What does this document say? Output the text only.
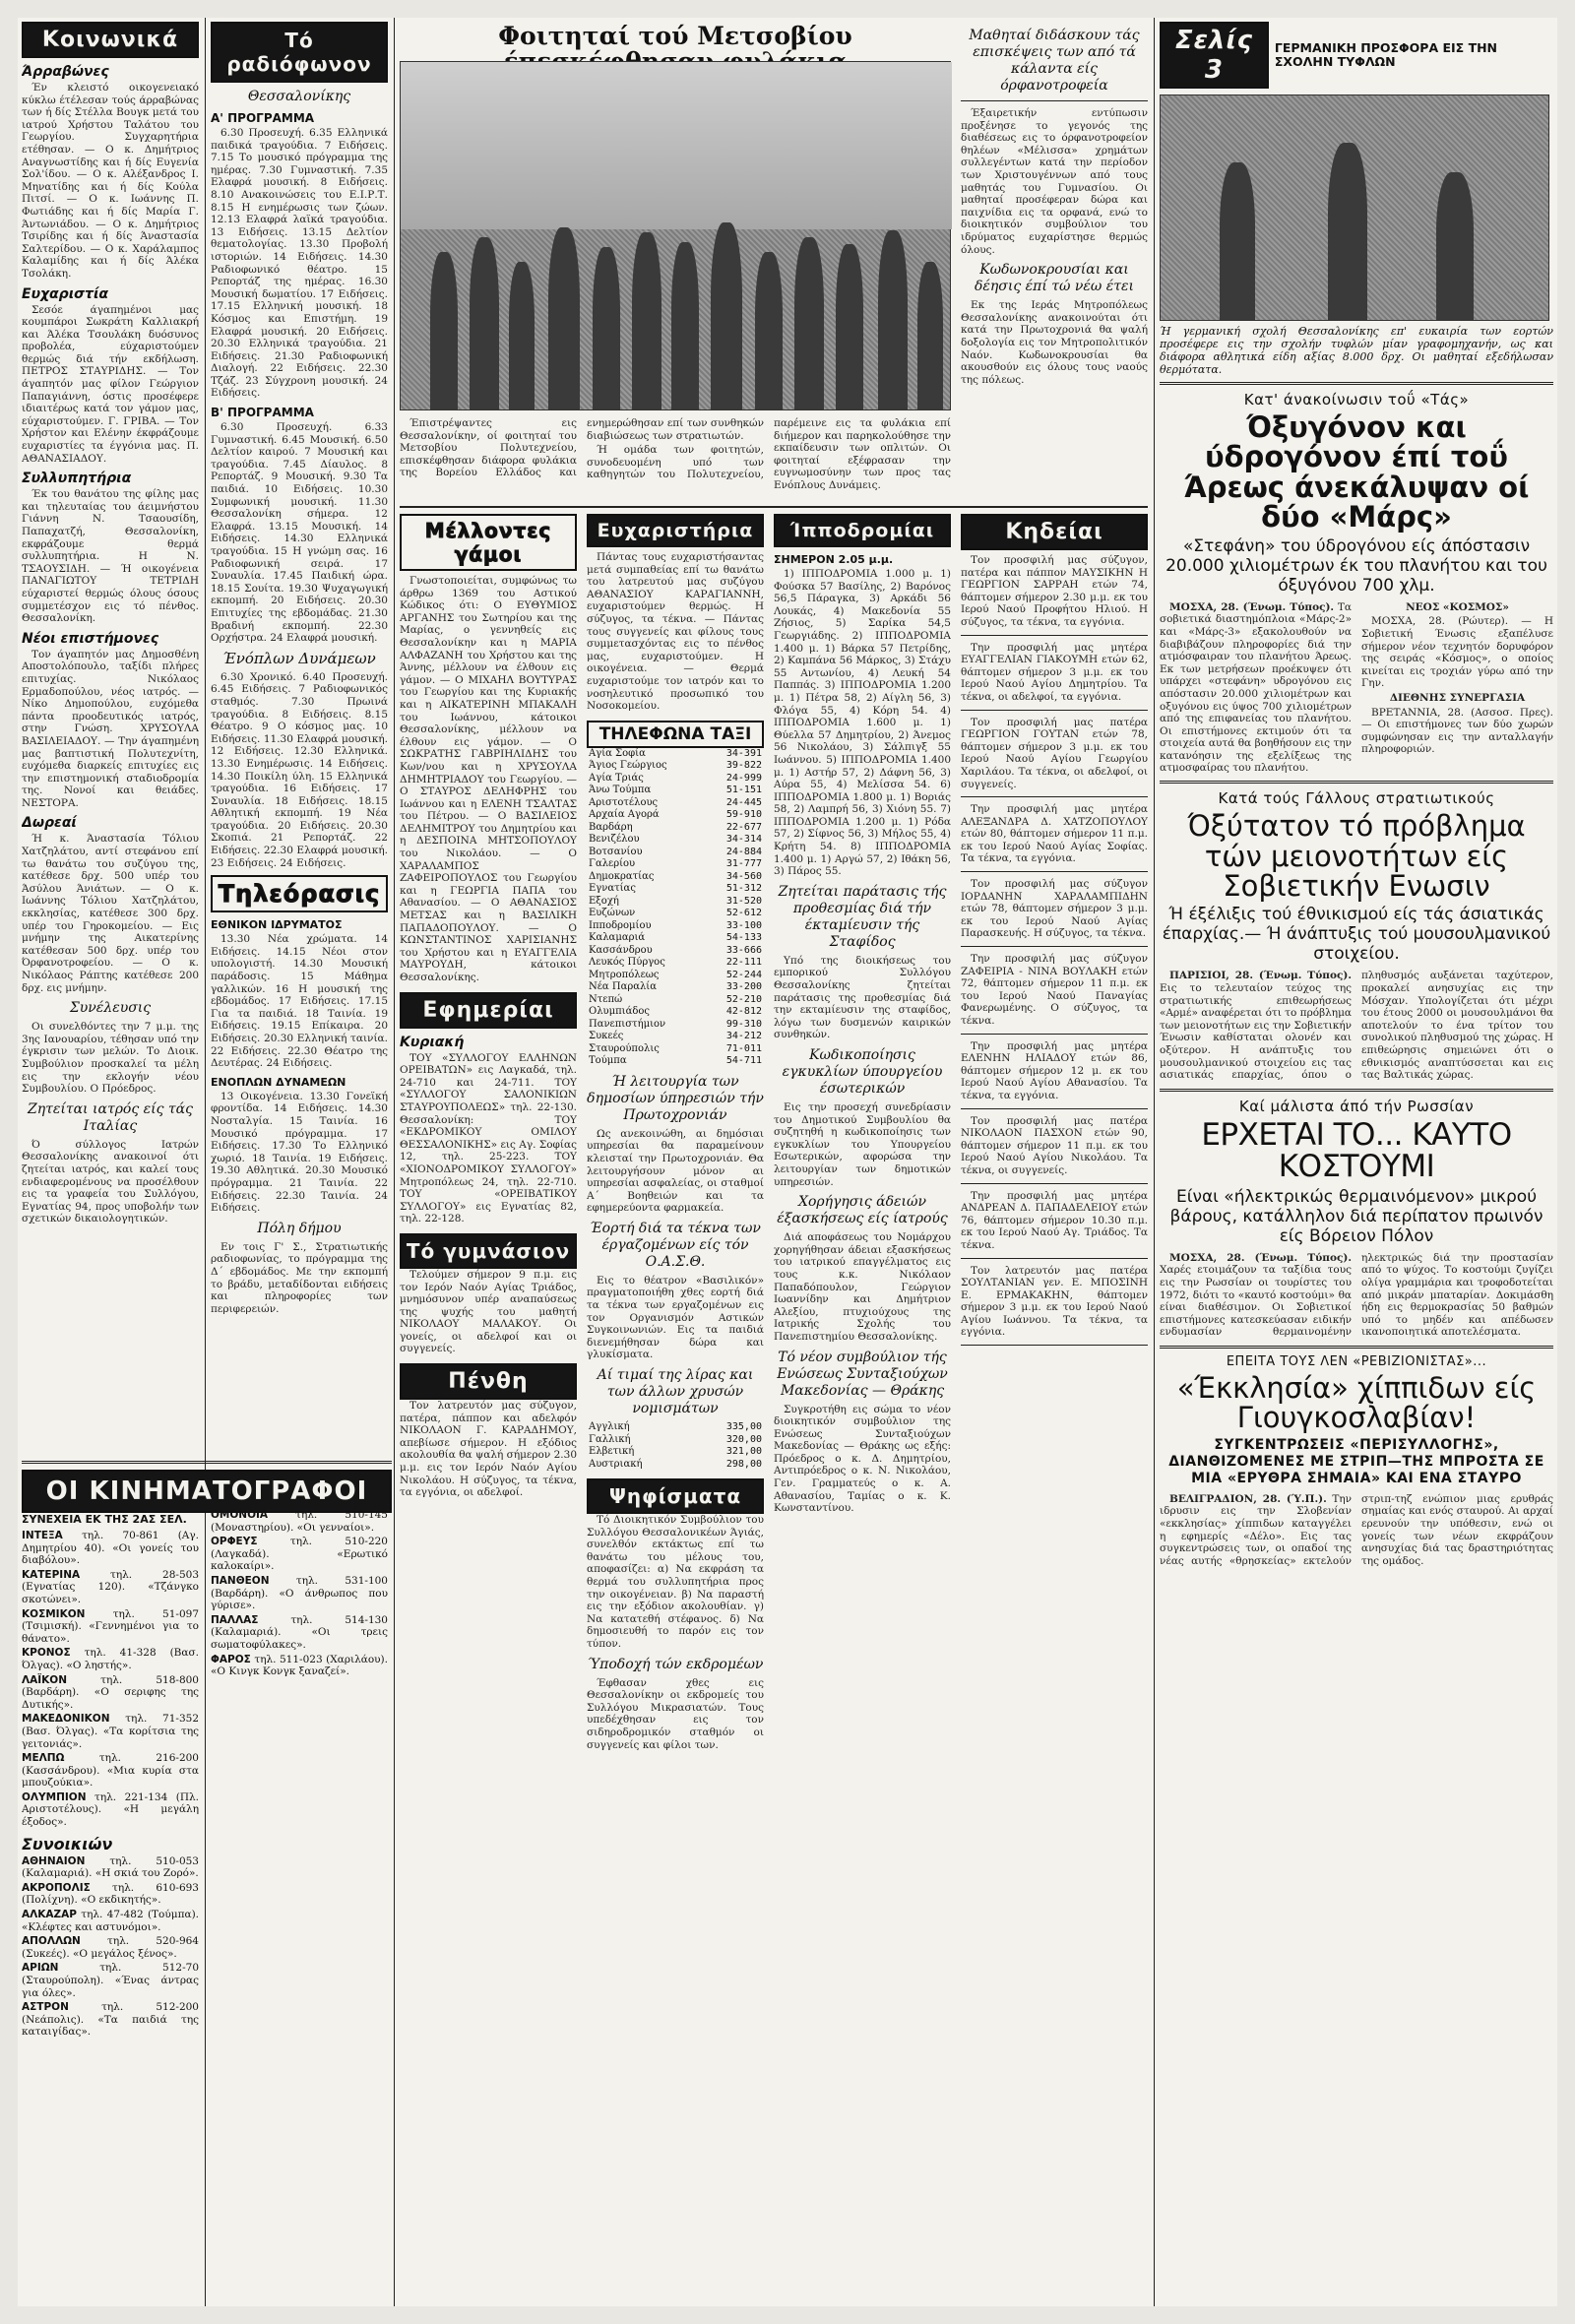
Κοινωνικά
Άρραβώνες

Έν κλειστό οικογενειακό κύκλω έτέλεσαν τούς άρραβώνας των ή δίς Στέλλα Βουγκ μετά του ιατρού Χρήστου Ταλάτου του Γεωργίου. Συγχαρητήρια ετέθησαν. — Ο κ. Δημήτριος Αναγνωστίδης και ή δίς Ευγενία Σολ'ίδου. — Ο κ. Αλέξανδρος Ι. Μηνατίδης και ή δίς Κούλα Πιτσί. — Ο κ. Ιωάννης Π. Φωτιάδης και ή δίς Μαρία Γ. Άντωνιάδου. — Ο κ. Δημήτριος Τσιρίδης και ή δίς Άναστασία Σαλτερίδου. — Ο κ. Χαράλαμπος Καλαμίδης και ή δίς Άλέκα Τσολάκη.

Ευχαριστία

Σεσόε άγαπημένοι μας κουμπάροι Σωκράτη Καλλιακρή και Άλέκα Τσουλάκη δυόσυνος προβολέα, εύχαριστούμεν θερμώς διά τήν εκδήλωση. ΠΕΤΡΟΣ ΣΤΑΥΡΙΔΗΣ. — Τον άγαπητόν μας φίλον Γεώργιον Παπαγιάννη, όστις προσέφερε ιδιαιτέρως κατά τον γάμον μας, εύχαριστούμεν. Γ. ΓΡΙΒΑ. — Τον Χρήστον και Ελένην έκφράζουμε ευχαριστίες τα έγγόνια μας. Π. ΑΘΑΝΑΣΙΑΔΟΥ.

Συλλυπητήρια

Έκ του θανάτου της φίλης μας και τηλευταίας του άειμνήστου Γιάννη Ν. Τσαουσίδη, Παπαχατζή, Θεσσαλονίκη, εκφράζουμε θερμά συλλυπητήρια. Η Ν. ΤΣΑΟΥΣΙΔΗ. — Ή οικογένεια ΠΑΝΑΓΙΩΤΟΥ ΤΕΤΡΙΔΗ εύχαριστεί θερμώς όλους όσους συμμετέσχον εις τό πένθος. Θεσσαλονίκη.

Νέοι επιστήμονες

Τον άγαπητόν μας Δημοσθένη Αποστολόπουλο, ταξίδι πλήρες επιτυχίας. Νικόλαος Ερμαδοπούλου, νέος ιατρός. — Νίκο Δημοπούλου, ευχόμεθα πάντα προοδευτικός ιατρός, στην Γνώση. ΧΡΥΣΟΥΛΑ ΒΑΣΙΛΕΙΑΔΟΥ. — Την άγαπημένη μας βαπτιστική Πολυτεχνίτη, ευχόμεθα διαρκείς επιτυχίες εις την επιστημονική σταδιοδρομία της. Νονοί και θειάδες. ΝΕΣΤΟΡΑ.

Δωρεαί

Ή κ. Άναστασία Τόλιου Χατζηλάτου, αντί στεφάνου επί τω θανάτω του συζύγου της, κατέθεσε δρχ. 500 υπέρ του Άσύλου Άνιάτων. — Ο κ. Ιωάννης Τόλιου Χατζηλάτου, εκκλησίας, κατέθεσε 300 δρχ. υπέρ του Γηροκομείου. — Εις μνήμην της Αικατερίνης κατέθεσαν 500 δρχ. υπέρ του Όρφανοτροφείου. — Ο κ. Νικόλαος Ράπτης κατέθεσε 200 δρχ. εις μνήμην.

Συνέλευσις

Οι συνελθόντες την 7 μ.μ. της 3ης Ιανουαρίου, τέθησαν υπό την έγκρισιν των μελών. Το Διοικ. Συμβούλιον προσκαλεί τα μέλη εις την εκλογήν νέου Συμβουλίου. Ο Πρόεδρος.

Ζητείται ιατρός είς τάς Ιταλίας

Ό σύλλογος Ιατρών Θεσσαλονίκης ανακοινοί ότι ζητείται ιατρός, και καλεί τους ενδιαφερομένους να προσέλθουν εις τα γραφεία του Συλλόγου, Εγνατίας 94, προς υποβολήν των σχετικών δικαιολογητικών.

ΟΙ ΚΙΝΗΜΑΤΟΓΡΑΦΟΙ
ΣΥΝΕΧΕΙΑ ΕΚ ΤΗΣ 2ΑΣ ΣΕΛ.

ΙΝΤΕΞΑ τηλ. 70-861 (Αγ. Δημητρίου 40). «Οι γονείς του διαβόλου».

ΚΑΤΕΡΙΝΑ τηλ. 28-503 (Εγνατίας 120). «Τζάνγκο σκοτώνει».

ΚΟΣΜΙΚΟΝ τηλ. 51-097 (Τσιμισκή). «Γεννημένοι για το θάνατο».

ΚΡΟΝΟΣ τηλ. 41-328 (Βασ. Όλγας). «Ο ληστής».

ΛΑΪΚΟΝ τηλ. 518-800 (Βαρδάρη). «Ο σεριφης της Δυτικής».

ΜΑΚΕΔΟΝΙΚΟΝ τηλ. 71-352 (Βασ. Όλγας). «Τα κορίτσια της γειτονιάς».

ΜΕΛΠΩ τηλ. 216-200 (Κασσάνδρου). «Μια κυρία στα μπουζούκια».

ΟΛΥΜΠΙΟΝ τηλ. 221-134 (Πλ. Αριστοτέλους). «Η μεγάλη έξοδος».

Συνοικιών

ΑΘΗΝΑΙΟΝ τηλ. 510-053 (Καλαμαριά). «Η σκιά του Ζορό».

ΑΚΡΟΠΟΛΙΣ τηλ. 610-693 (Πολίχνη). «Ο εκδικητής».

ΑΛΚΑΖΑΡ τηλ. 47-482 (Τούμπα). «Κλέφτες και αστυνόμοι».

ΑΠΟΛΛΩΝ τηλ. 520-964 (Συκεές). «Ο μεγάλος ξένος».

ΑΡΙΩΝ τηλ. 512-70 (Σταυρούπολη). «Ένας άντρας για όλες».

ΑΣΤΡΟΝ τηλ. 512-200 (Νεάπολις). «Τα παιδιά της καταιγίδας».

Τό ραδιόφωνον
Θεσσαλονίκης
Α' ΠΡΟΓΡΑΜΜΑ

6.30 Προσευχή. 6.35 Ελληνικά παιδικά τραγούδια. 7 Ειδήσεις. 7.15 Το μουσικό πρόγραμμα της ημέρας. 7.30 Γυμναστική. 7.35 Ελαφρά μουσική. 8 Ειδήσεις. 8.10 Ανακοινώσεις του Ε.Ι.Ρ.Τ. 8.15 Η ενημέρωσις των ζώων. 12.13 Ελαφρά λαϊκά τραγούδια. 13 Ειδήσεις. 13.15 Δελτίον θεματολογίας. 13.30 Προβολή ιστοριών. 14 Ειδήσεις. 14.30 Ραδιοφωνικό θέατρο. 15 Ρεπορτάζ της ημέρας. 16.30 Μουσική δωματίου. 17 Ειδήσεις. 17.15 Ελληνική μουσική. 18 Κόσμος και Επιστήμη. 19 Ελαφρά μουσική. 20 Ειδήσεις. 20.30 Ελληνικά τραγούδια. 21 Ειδήσεις. 21.30 Ραδιοφωνική Διαλογή. 22 Ειδήσεις. 22.30 Τζάζ. 23 Σύγχρονη μουσική. 24 Ειδήσεις.

Β' ΠΡΟΓΡΑΜΜΑ

6.30 Προσευχή. 6.33 Γυμναστική. 6.45 Μουσική. 6.50 Δελτίον καιρού. 7 Μουσική και τραγούδια. 7.45 Δίαυλος. 8 Ρεπορτάζ. 9 Μουσική. 9.30 Τα παιδιά. 10 Ειδήσεις. 10.30 Συμφωνική μουσική. 11.30 Θεσσαλονίκη σήμερα. 12 Ελαφρά. 13.15 Μουσική. 14 Ειδήσεις. 14.30 Ελληνικά τραγούδια. 15 Η γνώμη σας. 16 Ραδιοφωνική σειρά. 17 Συναυλία. 17.45 Παιδική ώρα. 18.15 Σουίτα. 19.30 Ψυχαγωγική εκπομπή. 20 Ειδήσεις. 20.30 Επιτυχίες της εβδομάδας. 21.30 Βραδινή εκπομπή. 22.30 Ορχήστρα. 24 Ελαφρά μουσική.

Ένόπλων Δυνάμεων

6.30 Χρονικό. 6.40 Προσευχή. 6.45 Ειδήσεις. 7 Ραδιοφωνικός σταθμός. 7.30 Πρωινά τραγούδια. 8 Ειδήσεις. 8.15 Θέατρο. 9 Ο κόσμος μας. 10 Ειδήσεις. 11.30 Ελαφρά μουσική. 12 Ειδήσεις. 12.30 Ελληνικά. 13.30 Ενημέρωσις. 14 Ειδήσεις. 14.30 Ποικίλη ύλη. 15 Ελληνικά τραγούδια. 16 Ειδήσεις. 17 Συναυλία. 18 Ειδήσεις. 18.15 Αθλητική εκπομπή. 19 Νέα τραγούδια. 20 Ειδήσεις. 20.30 Σκοπιά. 21 Ρεπορτάζ. 22 Ειδήσεις. 22.30 Ελαφρά μουσική. 23 Ειδήσεις. 24 Ειδήσεις.

Τηλεόρασις
ΕΘΝΙΚΟΝ ΙΔΡΥΜΑΤΟΣ

13.30 Νέα χρώματα. 14 Ειδήσεις. 14.15 Νέοι στον υπολογιστή. 14.30 Μουσική παράδοσις. 15 Μάθημα γαλλικών. 16 Η μουσική της εβδομάδος. 17 Ειδήσεις. 17.15 Για τα παιδιά. 18 Ταινία. 19 Ειδήσεις. 19.15 Επίκαιρα. 20 Ειδήσεις. 20.30 Ελληνική ταινία. 22 Ειδήσεις. 22.30 Θέατρο της Δευτέρας. 24 Ειδήσεις.

ΕΝΟΠΛΩΝ ΔΥΝΑΜΕΩΝ

13 Οικογένεια. 13.30 Γονεϊκή φροντίδα. 14 Ειδήσεις. 14.30 Νοσταλγία. 15 Ταινία. 16 Μουσικό πρόγραμμα. 17 Ειδήσεις. 17.30 Το Ελληνικό χωριό. 18 Ταινία. 19 Ειδήσεις. 19.30 Αθλητικά. 20.30 Μουσικό πρόγραμμα. 21 Ταινία. 22 Ειδήσεις. 22.30 Ταινία. 24 Ειδήσεις.

Πόλη δήμου

Εν τοις Γ' Σ., Στρατιωτικής ραδιοφωνίας, το πρόγραμμα της Δ΄ εβδομάδος. Με την εκπομπή το βράδυ, μεταδίδονται ειδήσεις και πληροφορίες των περιφερειών.

ΟΜΟΝΟΙΑ τηλ. 510-145 (Μοναστηρίου). «Οι γενναίοι».

ΟΡΦΕΥΣ τηλ. 510-220 (Λαγκαδά). «Ερωτικό καλοκαίρι».

ΠΑΝΘΕΟΝ τηλ. 531-100 (Βαρδάρη). «Ο άνθρωπος που γύρισε».

ΠΑΛΛΑΣ τηλ. 514-130 (Καλαμαριά). «Οι τρεις σωματοφύλακες».

ΦΑΡΟΣ τηλ. 511-023 (Χαριλάου). «Ο Κινγκ Κονγκ ξαναζεί».

Φοιτηταί τού Μετσοβίου

Έπιστρέψαντες εις Θεσσαλονίκην, οί φοιτηταί του Μετσοβίου Πολυτεχνείου, επισκέφθησαν διάφορα φυλάκια της Βορείου Ελλάδος και ενημερώθησαν επί των συνθηκών διαβιώσεως των στρατιωτών.

Ή ομάδα των φοιτητών, συνοδευομένη υπό των καθηγητών του Πολυτεχνείου, παρέμεινε εις τα φυλάκια επί διήμερον και παρηκολούθησε την εκπαίδευσιν των οπλιτών. Οι φοιτηταί εξέφρασαν την ευγνωμοσύνην των προς τας Ενόπλους Δυνάμεις.

Μαθηταί διδάσκουν τάς επισκέψεις των από τά κάλαντα είς όρφανοτροφεία

Έξαιρετικήν εντύπωσιν προξένησε το γεγονός της διαθέσεως εις το όρφανοτροφείον θηλέων «Μέλισσα» χρημάτων συλλεγέντων κατά την περίοδον των Χριστουγέννων από τους μαθητάς του Γυμνασίου. Οι μαθηταί προσέφεραν δώρα και παιχνίδια εις τα ορφανά, ενώ το διοικητικόν συμβούλιον του ιδρύματος ευχαρίστησε θερμώς όλους.

Κωδωνοκρουσίαι και δέησις έπί τώ νέω έτει

Εκ της Ιεράς Μητροπόλεως Θεσσαλονίκης ανακοινούται ότι κατά την Πρωτοχρονιά θα ψαλή δοξολογία εις τον Μητροπολιτικόν Ναόν. Κωδωνοκρουσίαι θα ακουσθούν εις όλους τους ναούς της πόλεως.

Μέλλοντες γάμοι

Γνωστοποιείται, συμφώνως τω άρθρω 1369 του Αστικού Κώδικος ότι: Ο ΕΥΘΥΜΙΟΣ ΑΡΓΑΝΗΣ του Σωτηρίου και της Μαρίας, ο γεννηθείς εις Θεσσαλονίκην και η ΜΑΡΙΑ ΑΛΦΑΖΑΝΗ του Χρήστου και της Άννης, μέλλουν να έλθουν εις γάμον. — Ο ΜΙΧΑΗΛ ΒΟΥΤΥΡΑΣ του Γεωργίου και της Κυριακής και η ΑΙΚΑΤΕΡΙΝΗ ΜΠΑΚΑΛΗ του Ιωάννου, κάτοικοι Θεσσαλονίκης, μέλλουν να έλθουν εις γάμον. — Ο ΣΩΚΡΑΤΗΣ ΓΑΒΡΙΗΛΙΔΗΣ του Κων/νου και η ΧΡΥΣΟΥΛΑ ΔΗΜΗΤΡΙΑΔΟΥ του Γεωργίου. — Ο ΣΤΑΥΡΟΣ ΔΕΛΗΦΡΗΣ του Ιωάννου και η ΕΛΕΝΗ ΤΣΑΛΤΑΣ του Πέτρου. — Ο ΒΑΣΙΛΕΙΟΣ ΔΕΛΗΜΙΤΡΟΥ του Δημητρίου και η ΔΕΣΠΟΙΝΑ ΜΗΤΣΟΠΟΥΛΟΥ του Νικολάου. — Ο ΧΑΡΑΛΑΜΠΟΣ ΖΑΦΕΙΡΟΠΟΥΛΟΣ του Γεωργίου και η ΓΕΩΡΓΙΑ ΠΑΠΑ του Αθανασίου. — Ο ΑΘΑΝΑΣΙΟΣ ΜΕΤΣΑΣ και η ΒΑΣΙΛΙΚΗ ΠΑΠΑΔΟΠΟΥΛΟΥ. — Ο ΚΩΝΣΤΑΝΤΙΝΟΣ ΧΑΡΙΣΙΑΝΗΣ του Χρήστου και η ΕΥΑΓΓΕΛΙΑ ΜΑΥΡΟΥΔΗ, κάτοικοι Θεσσαλονίκης.

Εφημερίαι
Κυριακή

ΤΟΥ «ΣΥΛΛΟΓΟΥ ΕΛΛΗΝΩΝ ΟΡΕΙΒΑΤΩΝ» εις Λαγκαδά, τηλ. 24-710 και 24-711. ΤΟΥ «ΣΥΛΛΟΓΟΥ ΣΑΛΟΝΙΚΙΩΝ ΣΤΑΥΡΟΥΠΟΛΕΩΣ» τηλ. 22-130. Θεσσαλονίκη: ΤΟΥ «ΕΚΔΡΟΜΙΚΟΥ ΟΜΙΛΟΥ ΘΕΣΣΑΛΟΝΙΚΗΣ» εις Αγ. Σοφίας 12, τηλ. 25-223. ΤΟΥ «ΧΙΟΝΟΔΡΟΜΙΚΟΥ ΣΥΛΛΟΓΟΥ» Μητροπόλεως 24, τηλ. 22-710. ΤΟΥ «ΟΡΕΙΒΑΤΙΚΟΥ ΣΥΛΛΟΓΟΥ» εις Εγνατίας 82, τηλ. 22-128.

Τό γυμνάσιον

Τελούμεν σήμερον 9 π.μ. εις τον Ιερόν Ναόν Αγίας Τριάδος, μνημόσυνον υπέρ αναπαύσεως της ψυχής του μαθητή ΝΙΚΟΛΑΟΥ ΜΑΛΑΚΟΥ. Οι γονείς, οι αδελφοί και οι συγγενείς.

Πένθη

Τον λατρευτόν μας σύζυγον, πατέρα, πάππον και αδελφόν ΝΙΚΟΛΑΟΝ Γ. ΚΑΡΑΔΗΜΟΥ, απεβίωσε σήμερον. Η εξόδιος ακολουθία θα ψαλή σήμερον 2.30 μ.μ. εις τον Ιερόν Ναόν Αγίου Νικολάου. Η σύζυγος, τα τέκνα, τα εγγόνια, οι αδελφοί.

Ευχαριστήρια

Πάντας τους ευχαριστήσαντας μετά συμπαθείας επί τω θανάτω του λατρευτού μας συζύγου ΑΘΑΝΑΣΙΟΥ ΚΑΡΑΓΙΑΝΝΗ, ευχαριστούμεν θερμώς. Η σύζυγος, τα τέκνα. — Πάντας τους συγγενείς και φίλους τους συμμετασχόντας εις το πένθος μας, ευχαριστούμεν. Η οικογένεια. — Θερμά ευχαριστούμε τον ιατρόν και το νοσηλευτικό προσωπικό του Νοσοκομείου.

ΤΗΛΕΦΩΝΑ ΤΑΞΙ
Αγία Σοφία	34-391
Άγιος Γεώργιος	39-822
Αγία Τριάς	24-999
Άνω Τούμπα	51-151
Αριστοτέλους	24-445
Αρχαία Αγορά	59-910
Βαρδάρη	22-677
Βενιζέλου	34-314
Βοτσανίου	24-884
Γαλερίου	31-777
Δημοκρατίας	34-560
Εγνατίας	51-312
Εξοχή	31-520
Ευζώνων	52-612
Ιπποδρομίου	33-100
Καλαμαριά	54-133
Κασσάνδρου	33-666
Λευκός Πύργος	22-111
Μητροπόλεως	52-244
Νέα Παραλία	33-200
Ντεπώ	52-210
Ολυμπιάδος	42-812
Πανεπιστήμιον	99-310
Συκεές	34-212
Σταυρούπολις	71-011
Τούμπα	54-711
Ή λειτουργία των δημοσίων ύπηρεσιών τήν Πρωτοχρονιάν

Ως ανεκοινώθη, αι δημόσιαι υπηρεσίαι θα παραμείνουν κλεισταί την Πρωτοχρονιάν. Θα λειτουργήσουν μόνον αι υπηρεσίαι ασφαλείας, οι σταθμοί Α΄ Βοηθειών και τα εφημερεύοντα φαρμακεία.

Έορτή διά τα τέκνα των έργαζομένων είς τόν Ο.Α.Σ.Θ.

Εις το θέατρον «Βασιλικόν» πραγματοποιήθη χθες εορτή διά τα τέκνα των εργαζομένων εις τον Οργανισμόν Αστικών Συγκοινωνιών. Εις τα παιδιά διενεμήθησαν δώρα και γλυκίσματα.

Αί τιμαί της λίρας και των άλλων χρυσών νομισμάτων
Αγγλική	335,00
Γαλλική	320,00
Ελβετική	321,00
Αυστριακή	298,00
Ψηφίσματα

Τό Διοικητικόν Συμβούλιον του Συλλόγου Θεσσαλονικέων Άγιάς, συνελθόν εκτάκτως επί τω θανάτω του μέλους του, αποφασίζει: α) Να εκφράση τα θερμά του συλλυπητήρια προς την οικογένειαν. β) Να παραστή εις την εξόδιον ακολουθίαν. γ) Να κατατεθή στέφανος. δ) Να δημοσιευθή το παρόν εις τον τύπον.

Ύποδοχή τών εκδρομέων

Έφθασαν χθες εις Θεσσαλονίκην οι εκδρομείς του Συλλόγου Μικρασιατών. Τους υπεδέχθησαν εις τον σιδηροδρομικόν σταθμόν οι συγγενείς και φίλοι των.

Ίπποδρομίαι
ΣΗΜΕΡΟΝ 2.05 μ.μ.

1) ΙΠΠΟΔΡΟΜΙΑ 1.000 μ. 1) Φούσκα 57 Βασίλης, 2) Βαρόνος 56,5 Πάραγκα, 3) Αρκάδι 56 Λουκάς, 4) Μακεδονία 55 Ζήσιος, 5) Σαρίκα 54,5 Γεωργιάδης. 2) ΙΠΠΟΔΡΟΜΙΑ 1.400 μ. 1) Βάρκα 57 Πετρίδης, 2) Καμπάνα 56 Μάρκος, 3) Στάχυ 55 Αντωνίου, 4) Λευκή 54 Παππάς. 3) ΙΠΠΟΔΡΟΜΙΑ 1.200 μ. 1) Πέτρα 58, 2) Αίγλη 56, 3) Φλόγα 55, 4) Κόρη 54. 4) ΙΠΠΟΔΡΟΜΙΑ 1.600 μ. 1) Θύελλα 57 Δημητρίου, 2) Άνεμος 56 Νικολάου, 3) Σάλπιγξ 55 Ιωάννου. 5) ΙΠΠΟΔΡΟΜΙΑ 1.400 μ. 1) Αστήρ 57, 2) Δάφνη 56, 3) Αύρα 55, 4) Μελίσσα 54. 6) ΙΠΠΟΔΡΟΜΙΑ 1.800 μ. 1) Βοριάς 58, 2) Λαμπρή 56, 3) Χιόνη 55. 7) ΙΠΠΟΔΡΟΜΙΑ 1.200 μ. 1) Ρόδα 57, 2) Σίφνος 56, 3) Μήλος 55, 4) Κρήτη 54. 8) ΙΠΠΟΔΡΟΜΙΑ 1.400 μ. 1) Αργώ 57, 2) Ιθάκη 56, 3) Πάρος 55.

Ζητείται παράτασις τής προθεσμίας διά τήν έκταμίευσιν τής Σταφίδος

Υπό της διοικήσεως του εμπορικού Συλλόγου Θεσσαλονίκης ζητείται παράτασις της προθεσμίας διά την εκταμίευσιν της σταφίδος, λόγω των δυσμενών καιρικών συνθηκών.

Κωδικοποίησις εγκυκλίων ύπουργείου έσωτερικών

Εις την προσεχή συνεδρίασιν του Δημοτικού Συμβουλίου θα συζητηθή η κωδικοποίησις των εγκυκλίων του Υπουργείου Εσωτερικών, αφορώσα την λειτουργίαν των δημοτικών υπηρεσιών.

Χορήγησις άδειών έξασκήσεως είς ίατρούς

Διά αποφάσεως του Νομάρχου χορηγήθησαν άδειαι εξασκήσεως του ιατρικού επαγγέλματος εις τους κ.κ. Νικόλαον Παπαδόπουλον, Γεώργιον Ιωαννίδην και Δημήτριον Αλεξίου, πτυχιούχους της Ιατρικής Σχολής του Πανεπιστημίου Θεσσαλονίκης.

Τό νέον συμβούλιον τής Ενώσεως Συνταξιούχων Μακεδονίας — Θράκης

Συγκροτήθη εις σώμα το νέον διοικητικόν συμβούλιον της Ενώσεως Συνταξιούχων Μακεδονίας — Θράκης ως εξής: Πρόεδρος ο κ. Δ. Δημητρίου, Αντιπρόεδρος ο κ. Ν. Νικολάου, Γεν. Γραμματεύς ο κ. Α. Αθανασίου, Ταμίας ο κ. Κ. Κωνσταντίνου.

Κηδείαι

Τον προσφιλή μας σύζυγον, πατέρα και πάππον ΜΑΥΣΙΚΗΝ Η ΓΕΩΡΓΙΟΝ ΣΑΡΡΑΗ ετών 74, θάπτομεν σήμερον 2.30 μ.μ. εκ του Ιερού Ναού Προφήτου Ηλιού. Η σύζυγος, τα τέκνα, τα εγγόνια.

Την προσφιλή μας μητέρα ΕΥΑΓΓΕΛΙΑΝ ΓΙΑΚΟΥΜΗ ετών 62, θάπτομεν σήμερον 3 μ.μ. εκ του Ιερού Ναού Αγίου Δημητρίου. Τα τέκνα, οι αδελφοί, τα εγγόνια.

Τον προσφιλή μας πατέρα ΓΕΩΡΓΙΟΝ ΓΟΥΤΑΝ ετών 78, θάπτομεν σήμερον 3 μ.μ. εκ του Ιερού Ναού Αγίου Γεωργίου Χαριλάου. Τα τέκνα, οι αδελφοί, οι συγγενείς.

Την προσφιλή μας μητέρα ΑΛΕΞΑΝΔΡΑ Δ. ΧΑΤΖΟΠΟΥΛΟΥ ετών 80, θάπτομεν σήμερον 11 π.μ. εκ του Ιερού Ναού Αγίας Σοφίας. Τα τέκνα, τα εγγόνια.

Τον προσφιλή μας σύζυγον ΙΟΡΔΑΝΗΝ ΧΑΡΑΛΑΜΠΙΔΗΝ ετών 78, θάπτομεν σήμερον 3 μ.μ. εκ του Ιερού Ναού Αγίας Παρασκευής. Η σύζυγος, τα τέκνα.

Την προσφιλή μας σύζυγον ΖΑΦΕΙΡΙΑ - ΝΙΝΑ ΒΟΥΛΑΚΗ ετών 72, θάπτομεν σήμερον 11 π.μ. εκ του Ιερού Ναού Παναγίας Φανερωμένης. Ο σύζυγος, τα τέκνα.

Την προσφιλή μας μητέρα ΕΛΕΝΗΝ ΗΛΙΑΔΟΥ ετών 86, θάπτομεν σήμερον 12 μ. εκ του Ιερού Ναού Αγίου Αθανασίου. Τα τέκνα, τα εγγόνια.

Τον προσφιλή μας πατέρα ΝΙΚΟΛΑΟΝ ΠΑΣΧΟΝ ετών 90, θάπτομεν σήμερον 11 π.μ. εκ του Ιερού Ναού Αγίου Νικολάου. Τα τέκνα, οι συγγενείς.

Την προσφιλή μας μητέρα ΑΝΔΡΕΑΝ Δ. ΠΑΠΑΔΕΛΕΙΟΥ ετών 76, θάπτομεν σήμερον 10.30 π.μ. εκ του Ιερού Ναού Αγ. Τριάδος. Τα τέκνα.

Τον λατρευτόν μας πατέρα ΣΟΥΛΤΑΝΙΑΝ γεν. Ε. ΜΠΟΣΙΝΗ Ε. ΕΡΜΑΚΑΚΗΝ, θάπτομεν σήμερον 3 μ.μ. εκ του Ιερού Ναού Αγίου Ιωάννου. Τα τέκνα, τα εγγόνια.

Σελίς 3
ΓΕΡΜΑΝΙΚΗ ΠΡΟΣΦΟΡΑ ΕΙΣ ΤΗΝ ΣΧΟΛΗΝ ΤΥΦΛΩΝ
Ή γερμανική σχολή Θεσσαλονίκης επ' ευκαιρία των εορτών προσέφερε εις την σχολήν τυφλών μίαν γραφομηχανήν, ως και διάφορα αθλητικά είδη αξίας 8.000 δρχ. Οι μαθηταί εξεδήλωσαν θερμότατα.
Κατ' άνακοίνωσιν τοΰ «Τάς»
Όξυγόνον και ύδρογόνον έπί τοΰ Άρεως άνεκάλυψαν οί δύο «Μάρς»
«Στεφάνη» του ύδρογόνου είς άπόστασιν 20.000 χιλιομέτρων έκ του πλανήτου και του όξυγόνου 700 χλμ.

ΜΟΣΧΑ, 28. (Ένωμ. Τύπος). Τα σοβιετικά διαστημόπλοια «Μάρς-2» και «Μάρς-3» εξακολουθούν να διαβιβάζουν πληροφορίες διά την ατμόσφαιραν του πλανήτου Άρεως. Εκ των μετρήσεων προέκυψεν ότι υπάρχει «στεφάνη» υδρογόνου εις απόστασιν 20.000 χιλιομέτρων και οξυγόνου εις ύψος 700 χιλιομέτρων από της επιφανείας του πλανήτου. Οι επιστήμονες εκτιμούν ότι τα στοιχεία αυτά θα βοηθήσουν εις την κατανόησιν της εξελίξεως της ατμοσφαίρας του πλανήτου.

ΝΕΟΣ «ΚΟΣΜΟΣ»

ΜΟΣΧΑ, 28. (Ρώυτερ). — Η Σοβιετική Ένωσις εξαπέλυσε σήμερον νέον τεχνητόν δορυφόρον της σειράς «Κόσμος», ο οποίος κινείται εις τροχιάν γύρω από την Γην.

ΔΙΕΘΝΗΣ ΣΥΝΕΡΓΑΣΙΑ

ΒΡΕΤΑΝΝΙΑ, 28. (Ασσοσ. Πρες). — Οι επιστήμονες των δύο χωρών συμφώνησαν εις την ανταλλαγήν πληροφοριών.

Κατά τούς Γάλλους στρατιωτικούς
Όξύτατον τό πρόβλημα τών μειονοτήτων είς Σοβιετικήν Ενωσιν
Ή έξέλιξις τού έθνικισμού είς τάς άσιατικάς έπαρχίας.— Ή άνάπτυξις τού μουσουλμανικού στοιχείου.

ΠΑΡΙΣΙΟΙ, 28. (Ένωμ. Τύπος). Εις το τελευταίον τεύχος της στρατιωτικής επιθεωρήσεως «Αρμέ» αναφέρεται ότι το πρόβλημα των μειονοτήτων εις την Σοβιετικήν Ένωσιν καθίσταται ολονέν και οξύτερον. Η ανάπτυξις του μουσουλμανικού στοιχείου εις τας ασιατικάς επαρχίας, όπου ο πληθυσμός αυξάνεται ταχύτερον, προκαλεί ανησυχίας εις την Μόσχαν. Υπολογίζεται ότι μέχρι του έτους 2000 οι μουσουλμάνοι θα αποτελούν το ένα τρίτον του συνολικού πληθυσμού της χώρας. Η επιθεώρησις σημειώνει ότι ο εθνικισμός αναπτύσσεται και εις τας Βαλτικάς χώρας.

Καί μάλιστα άπό τήν Ρωσσίαν
ΕΡΧΕΤΑΙ ΤΟ... ΚΑΥΤΟ ΚΟΣΤΟΥΜΙ
Είναι «ήλεκτρικώς θερμαινόμενον» μικρού βάρους, κατάλληλον διά περίπατον πρωινόν είς Βόρειον Πόλον

ΜΟΣΧΑ, 28. (Ένωμ. Τύπος). Χαρές ετοιμάζουν τα ταξίδια τους εις την Ρωσσίαν οι τουρίστες του 1972, διότι το «καυτό κοστούμι» θα είναι διαθέσιμον. Οι Σοβιετικοί επιστήμονες κατεσκεύασαν ειδικήν ενδυμασίαν θερμαινομένην ηλεκτρικώς διά την προστασίαν από το ψύχος. Το κοστούμι ζυγίζει ολίγα γραμμάρια και τροφοδοτείται από μικράν μπαταρίαν. Δοκιμάσθη ήδη εις θερμοκρασίας 50 βαθμών υπό το μηδέν και απέδωσεν ικανοποιητικά αποτελέσματα.

ΕΠΕΙΤΑ ΤΟΥΣ ΛΕΝ «ΡΕΒΙΖΙΟΝΙΣΤΑΣ»...
«Έκκλησία» χίππιδων είς Γιουγκοσλαβίαν!
ΣΥΓΚΕΝΤΡΩΣΕΙΣ «ΠΕΡΙΣΥΛΛΟΓΗΣ», ΔΙΑΝΘΙΖΟΜΕΝΕΣ ΜΕ ΣΤΡΙΠ—ΤΗΣ ΜΠΡΟΣΤΑ ΣΕ ΜΙΑ «ΕΡΥΘΡΑ ΣΗΜΑΙΑ» ΚΑΙ ΕΝΑ ΣΤΑΥΡΟ

ΒΕΛΙΓΡΑΔΙΟΝ, 28. (Ύ.Π.). Την ιδρυσιν εις την Σλοβενίαν «εκκλησίας» χίππιδων καταγγέλει η εφημερίς «Δέλο». Εις τας συγκεντρώσεις των, οι οπαδοί της νέας αυτής «θρησκείας» εκτελούν στριπ-τηζ ενώπιον μιας ερυθράς σημαίας και ενός σταυρού. Αι αρχαί ερευνούν την υπόθεσιν, ενώ οι γονείς των νέων εκφράζουν ανησυχίας διά τας δραστηριότητας της ομάδος.
